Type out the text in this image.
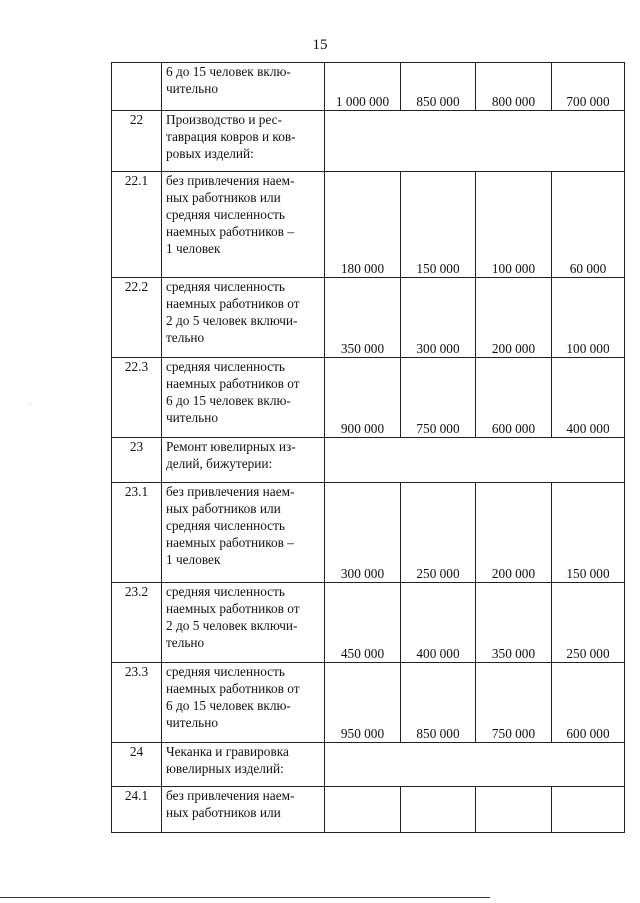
15
	6 до 15 человек вклю-
чительно	1 000 000	850 000	800 000	700 000
22	Производство и рес-
таврация ковров и ков-
ровых изделий:				
22.1	без привлечения наем-
ных работников или
средняя численность
наемных работников –
1 человек	180 000	150 000	100 000	60 000
22.2	средняя численность
наемных работников от
2 до 5 человек включи-
тельно	350 000	300 000	200 000	100 000
22.3	средняя численность
наемных работников от
6 до 15 человек вклю-
чительно	900 000	750 000	600 000	400 000
23	Ремонт ювелирных из-
делий, бижутерии:				
23.1	без привлечения наем-
ных работников или
средняя численность
наемных работников –
1 человек	300 000	250 000	200 000	150 000
23.2	средняя численность
наемных работников от
2 до 5 человек включи-
тельно	450 000	400 000	350 000	250 000
23.3	средняя численность
наемных работников от
6 до 15 человек вклю-
чительно	950 000	850 000	750 000	600 000
24	Чеканка и гравировка
ювелирных изделий:				
24.1	без привлечения наем-
ных работников или				
